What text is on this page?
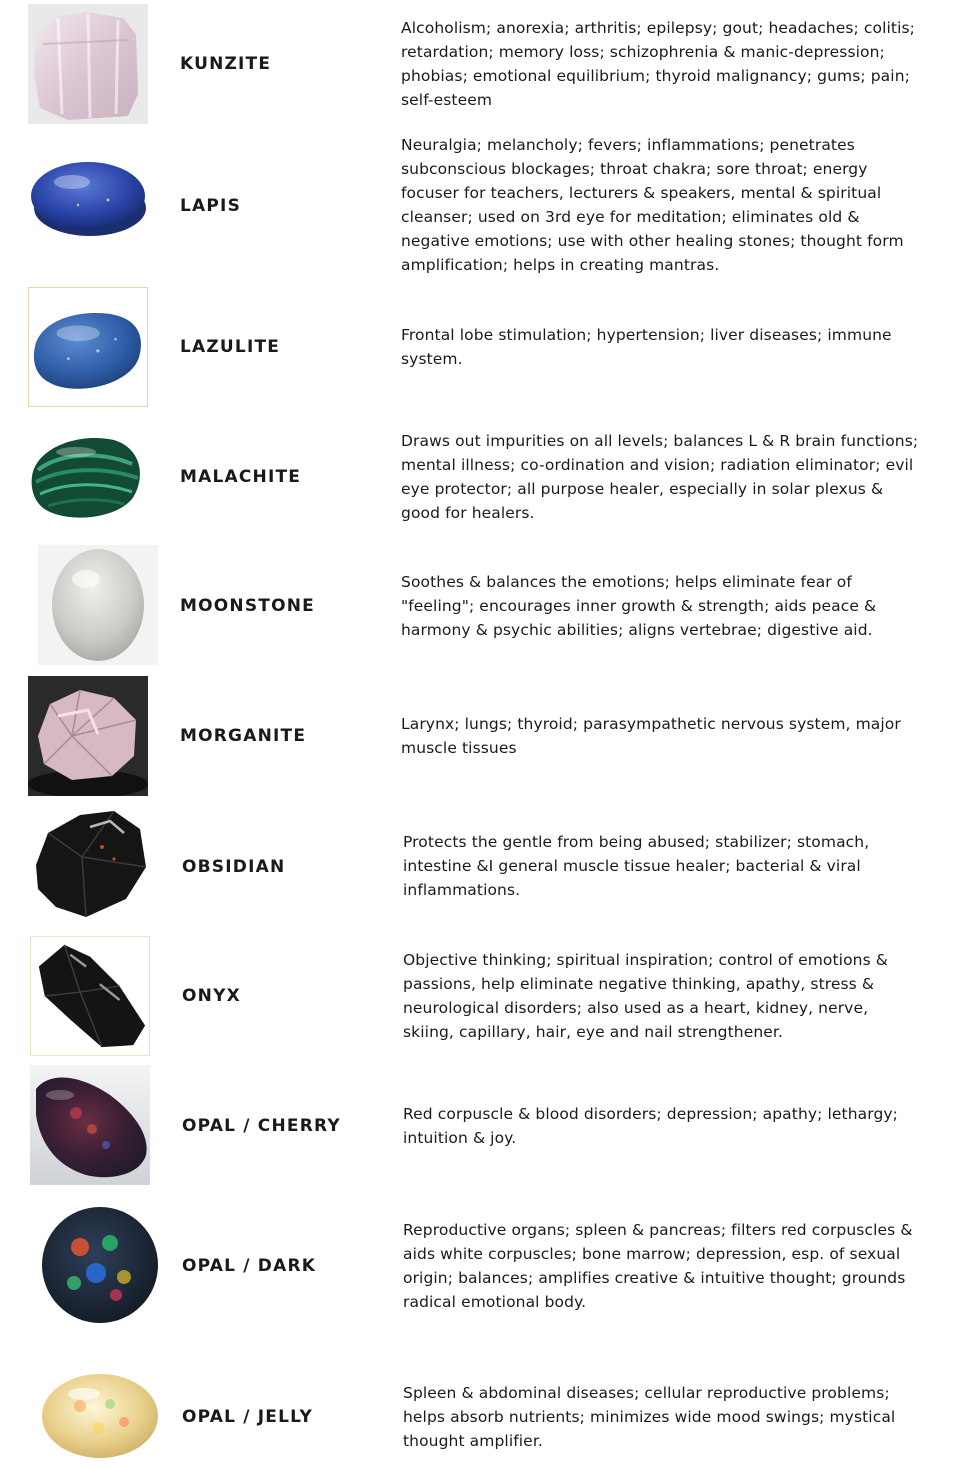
KUNZITE
Alcoholism; anorexia; arthritis; epilepsy; gout; headaches; colitis; retardation; memory loss; schizophrenia & manic-depression; phobias; emotional equilibrium; thyroid malignancy; gums; pain; self-esteem
LAPIS
Neuralgia; melancholy; fevers; inflammations; penetrates subconscious blockages; throat chakra; sore throat; energy focuser for teachers, lecturers & speakers, mental & spiritual cleanser; used on 3rd eye for meditation; eliminates old & negative emotions; use with other healing stones; thought form amplification; helps in creating mantras.
LAZULITE
Frontal lobe stimulation; hypertension; liver diseases; immune system.
MALACHITE
Draws out impurities on all levels; balances L & R brain functions; mental illness; co-ordination and vision; radiation eliminator; evil eye protector; all purpose healer, especially in solar plexus & good for healers.
MOONSTONE
Soothes & balances the emotions; helps eliminate fear of "feeling"; encourages inner growth & strength; aids peace & harmony & psychic abilities; aligns vertebrae; digestive aid.
MORGANITE
Larynx; lungs; thyroid; parasympathetic nervous system, major muscle tissues
OBSIDIAN
Protects the gentle from being abused; stabilizer; stomach, intestine &I general muscle tissue healer; bacterial & viral inflammations.
ONYX
Objective thinking; spiritual inspiration; control of emotions & passions, help eliminate negative thinking, apathy, stress & neurological disorders; also used as a heart, kidney, nerve, skiing, capillary, hair, eye and nail strengthener.
OPAL / CHERRY
Red corpuscle & blood disorders; depression; apathy; lethargy; intuition & joy.
OPAL / DARK
Reproductive organs; spleen & pancreas; filters red corpuscles & aids white corpuscles; bone marrow; depression, esp. of sexual origin; balances; amplifies creative & intuitive thought; grounds radical emotional body.
OPAL / JELLY
Spleen & abdominal diseases; cellular reproductive problems; helps absorb nutrients; minimizes wide mood swings; mystical thought amplifier.
